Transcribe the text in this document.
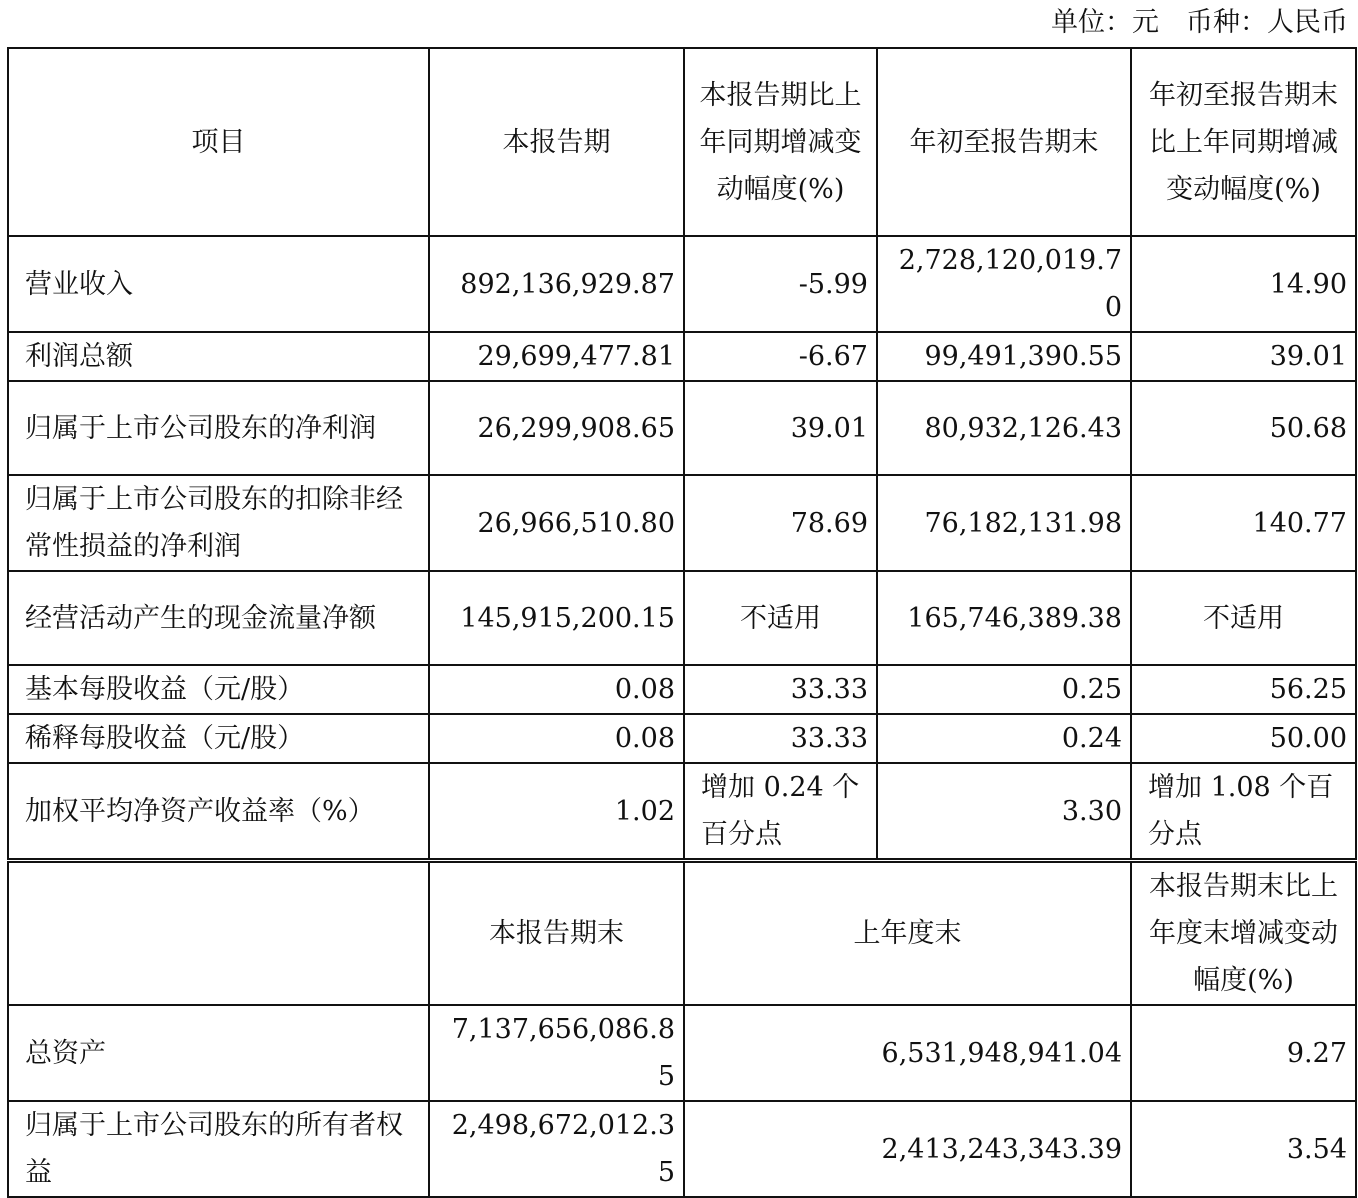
单位：元　币种：人民币
项目	本报告期	本报告期比上年同期增减变动幅度(%)	年初至报告期末	年初至报告期末比上年同期增减变动幅度(%)
营业收入	892,136,929.87	-5.99	2,728,120,019.70	14.90
利润总额	29,699,477.81	-6.67	99,491,390.55	39.01
归属于上市公司股东的净利润	26,299,908.65	39.01	80,932,126.43	50.68
归属于上市公司股东的扣除非经常性损益的净利润	26,966,510.80	78.69	76,182,131.98	140.77
经营活动产生的现金流量净额	145,915,200.15	不适用	165,746,389.38	不适用
基本每股收益（元/股）	0.08	33.33	0.25	56.25
稀释每股收益（元/股）	0.08	33.33	0.24	50.00
加权平均净资产收益率（%）	1.02	增加 0.24 个百分点	3.30	增加 1.08 个百分点
	本报告期末	上年度末		本报告期末比上年度末增减变动幅度(%)
总资产	7,137,656,086.85	6,531,948,941.04		9.27
归属于上市公司股东的所有者权益	2,498,672,012.35	2,413,243,343.39		3.54
